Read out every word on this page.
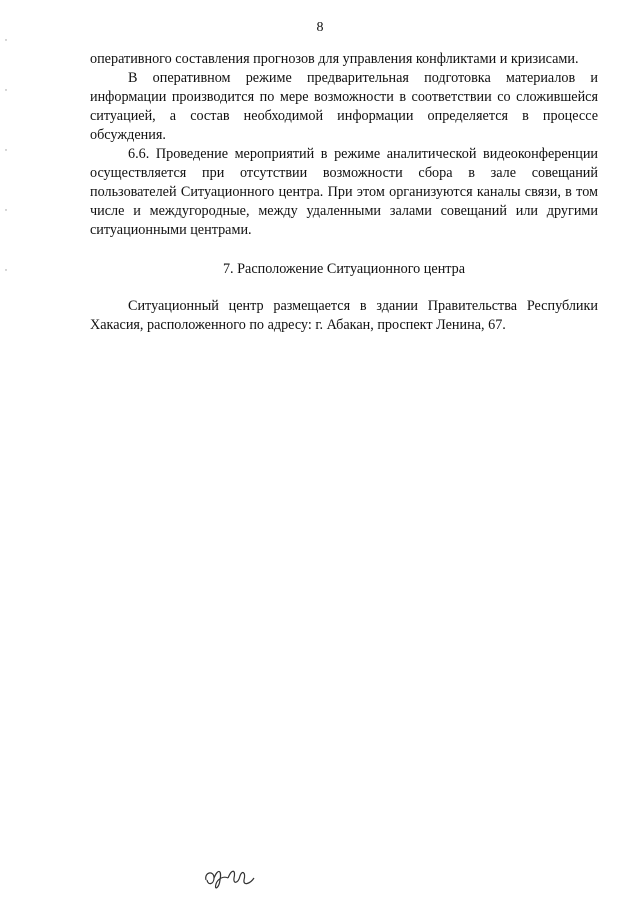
8

оперативного составления прогнозов для управления конфликтами и кризисами.

В оперативном режиме предварительная подготовка материалов и информации производится по мере возможности в соответствии со сложившейся ситуацией, а состав необходимой информации определяется в процессе обсуждения.

6.6. Проведение мероприятий в режиме аналитической видеоконференции осуществляется при отсутствии возможности сбора в зале совещаний пользователей Ситуационного центра. При этом организуются каналы связи, в том числе и междугородные, между удаленными залами совещаний или другими ситуационными центрами.

7. Расположение Ситуационного центра

Ситуационный центр размещается в здании Правительства Республики Хакасия, расположенного по адресу: г. Абакан, проспект Ленина, 67.
